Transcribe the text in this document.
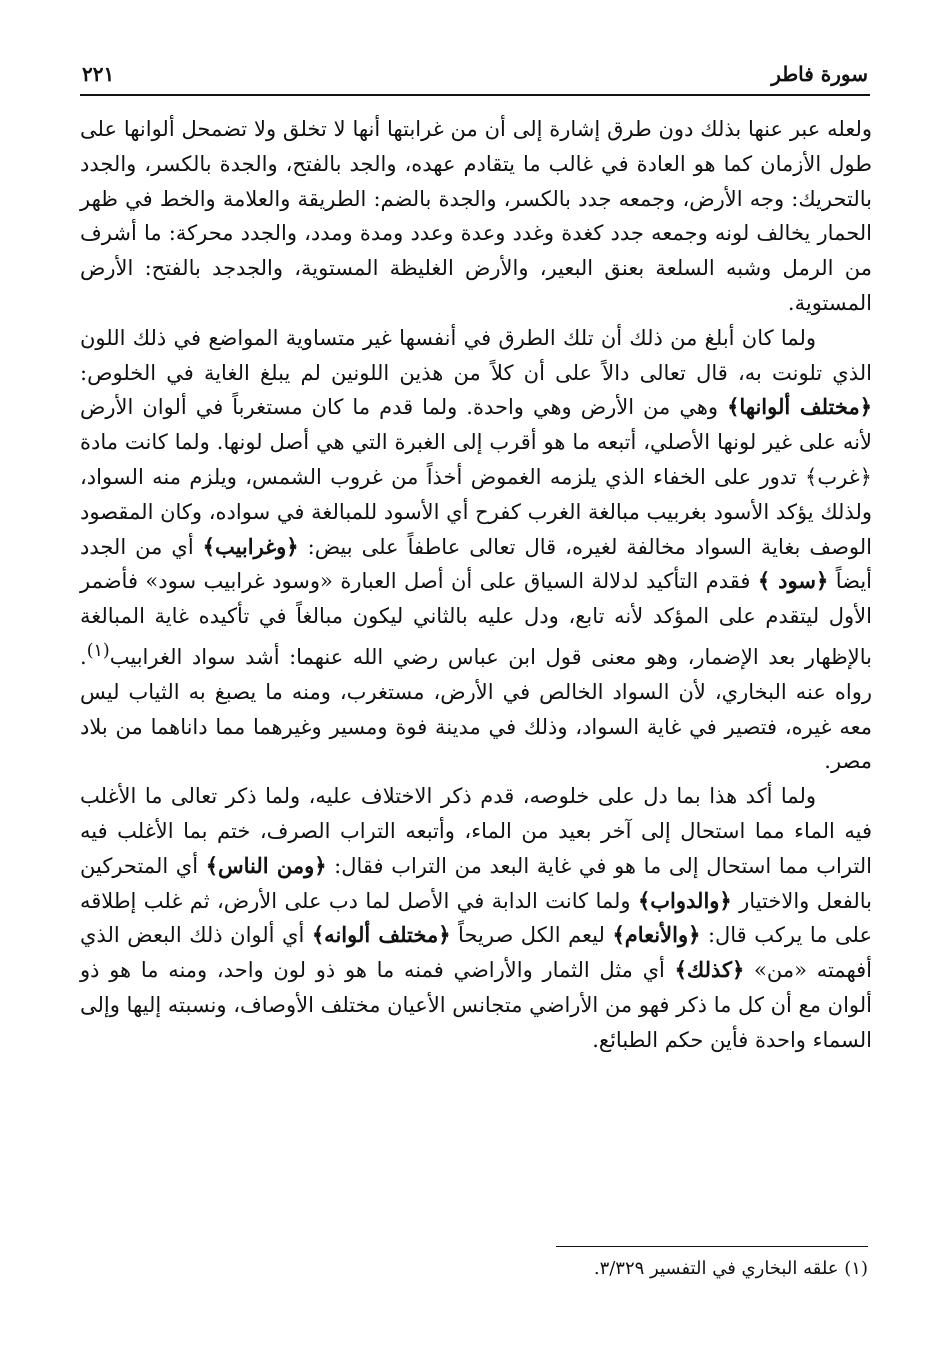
٢٢١	سورة فاطر

ولعله عبر عنها بذلك دون طرق إشارة إلى أن من غرابتها أنها لا تخلق ولا تضمحل ألوانها على طول الأزمان كما هو العادة في غالب ما يتقادم عهده، والجد بالفتح، والجدة بالكسر، والجدد بالتحريك: وجه الأرض، وجمعه جدد بالكسر، والجدة بالضم: الطريقة والعلامة والخط في ظهر الحمار يخالف لونه وجمعه جدد كغدة وغدد وعدة وعدد ومدة ومدد، والجدد محركة: ما أشرف من الرمل وشبه السلعة بعنق البعير، والأرض الغليظة المستوية، والجدجد بالفتح: الأرض المستوية.

ولما كان أبلغ من ذلك أن تلك الطرق في أنفسها غير متساوية المواضع في ذلك اللون الذي تلونت به، قال تعالى دالاً على أن كلاً من هذين اللونين لم يبلغ الغاية في الخلوص: ﴿مختلف ألوانها﴾ وهي من الأرض وهي واحدة. ولما قدم ما كان مستغرباً في ألوان الأرض لأنه على غير لونها الأصلي، أتبعه ما هو أقرب إلى الغبرة التي هي أصل لونها. ولما كانت مادة ﴿غرب﴾ تدور على الخفاء الذي يلزمه الغموض أخذاً من غروب الشمس، ويلزم منه السواد، ولذلك يؤكد الأسود بغربيب مبالغة الغرب كفرح أي الأسود للمبالغة في سواده، وكان المقصود الوصف بغاية السواد مخالفة لغيره، قال تعالى عاطفاً على بيض: ﴿وغرابيب﴾ أي من الجدد أيضاً ﴿سود ﴾ فقدم التأكيد لدلالة السياق على أن أصل العبارة «وسود غرابيب سود» فأضمر الأول ليتقدم على المؤكد لأنه تابع، ودل عليه بالثاني ليكون مبالغاً في تأكيده غاية المبالغة بالإظهار بعد الإضمار، وهو معنى قول ابن عباس رضي الله عنهما: أشد سواد الغرابيب$^{(١)}$. رواه عنه البخاري، لأن السواد الخالص في الأرض، مستغرب، ومنه ما يصبغ به الثياب ليس معه غيره، فتصير في غاية السواد، وذلك في مدينة فوة ومسير وغيرهما مما داناهما من بلاد مصر.

ولما أكد هذا بما دل على خلوصه، قدم ذكر الاختلاف عليه، ولما ذكر تعالى ما الأغلب فيه الماء مما استحال إلى آخر بعيد من الماء، وأتبعه التراب الصرف، ختم بما الأغلب فيه التراب مما استحال إلى ما هو في غاية البعد من التراب فقال: ﴿ومن الناس﴾ أي المتحركين بالفعل والاختيار ﴿والدواب﴾ ولما كانت الدابة في الأصل لما دب على الأرض، ثم غلب إطلاقه على ما يركب قال: ﴿والأنعام﴾ ليعم الكل صريحاً ﴿مختلف ألوانه﴾ أي ألوان ذلك البعض الذي أفهمته «من» ﴿كذلك﴾ أي مثل الثمار والأراضي فمنه ما هو ذو لون واحد، ومنه ما هو ذو ألوان مع أن كل ما ذكر فهو من الأراضي متجانس الأعيان مختلف الأوصاف، ونسبته إليها وإلى السماء واحدة فأين حكم الطبائع.

(١) علقه البخاري في التفسير ٣/٣٢٩.
